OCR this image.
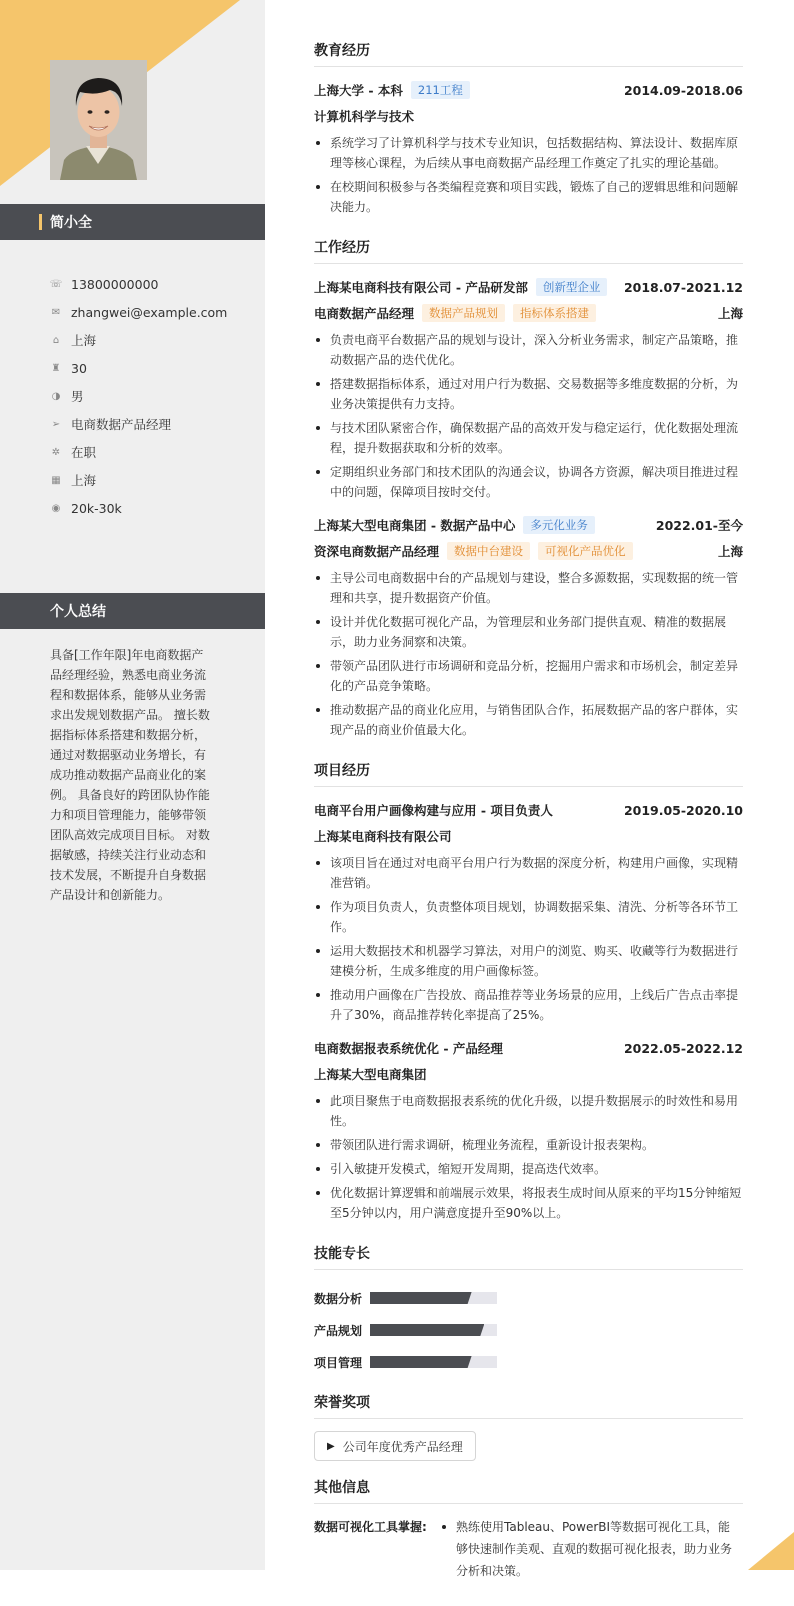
简小全
☏ 13800000000
✉ zhangwei@example.com
⌂ 上海
♜ 30
◑ 男
➢ 电商数据产品经理
✲ 在职
▦ 上海
◉ 20k-30k
个人总结
具备[工作年限]年电商数据产品经理经验，熟悉电商业务流程和数据体系，能够从业务需求出发规划数据产品。 擅长数据指标体系搭建和数据分析，通过对数据驱动业务增长，有成功推动数据产品商业化的案例。 具备良好的跨团队协作能力和项目管理能力，能够带领团队高效完成项目目标。 对数据敏感，持续关注行业动态和技术发展，不断提升自身数据产品设计和创新能力。
教育经历
上海大学 - 本科	211工程	2014.09-2018.06
计算机科学与技术
系统学习了计算机科学与技术专业知识，包括数据结构、算法设计、数据库原理等核心课程，为后续从事电商数据产品经理工作奠定了扎实的理论基础。
在校期间积极参与各类编程竞赛和项目实践，锻炼了自己的逻辑思维和问题解决能力。
工作经历
上海某电商科技有限公司 - 产品研发部	创新型企业	2018.07-2021.12
电商数据产品经理	数据产品规划	指标体系搭建	上海
负责电商平台数据产品的规划与设计，深入分析业务需求，制定产品策略，推动数据产品的迭代优化。
搭建数据指标体系，通过对用户行为数据、交易数据等多维度数据的分析，为业务决策提供有力支持。
与技术团队紧密合作，确保数据产品的高效开发与稳定运行，优化数据处理流程，提升数据获取和分析的效率。
定期组织业务部门和技术团队的沟通会议，协调各方资源，解决项目推进过程中的问题，保障项目按时交付。
上海某大型电商集团 - 数据产品中心	多元化业务	2022.01-至今
资深电商数据产品经理	数据中台建设	可视化产品优化	上海
主导公司电商数据中台的产品规划与建设，整合多源数据，实现数据的统一管理和共享，提升数据资产价值。
设计并优化数据可视化产品，为管理层和业务部门提供直观、精准的数据展示，助力业务洞察和决策。
带领产品团队进行市场调研和竞品分析，挖掘用户需求和市场机会，制定差异化的产品竞争策略。
推动数据产品的商业化应用，与销售团队合作，拓展数据产品的客户群体，实现产品的商业价值最大化。
项目经历
电商平台用户画像构建与应用 - 项目负责人	2019.05-2020.10
上海某电商科技有限公司
该项目旨在通过对电商平台用户行为数据的深度分析，构建用户画像，实现精准营销。
作为项目负责人，负责整体项目规划，协调数据采集、清洗、分析等各环节工作。
运用大数据技术和机器学习算法，对用户的浏览、购买、收藏等行为数据进行建模分析，生成多维度的用户画像标签。
推动用户画像在广告投放、商品推荐等业务场景的应用，上线后广告点击率提升了30%，商品推荐转化率提高了25%。
电商数据报表系统优化 - 产品经理	2022.05-2022.12
上海某大型电商集团
此项目聚焦于电商数据报表系统的优化升级，以提升数据展示的时效性和易用性。
带领团队进行需求调研，梳理业务流程，重新设计报表架构。
引入敏捷开发模式，缩短开发周期，提高迭代效率。
优化数据计算逻辑和前端展示效果，将报表生成时间从原来的平均15分钟缩短至5分钟以内，用户满意度提升至90%以上。
技能专长
数据分析
产品规划
项目管理
荣誉奖项
▶ 公司年度优秀产品经理
其他信息
数据可视化工具掌握:	熟练使用Tableau、PowerBI等数据可视化工具，能够快速制作美观、直观的数据可视化报表，助力业务分析和决策。
